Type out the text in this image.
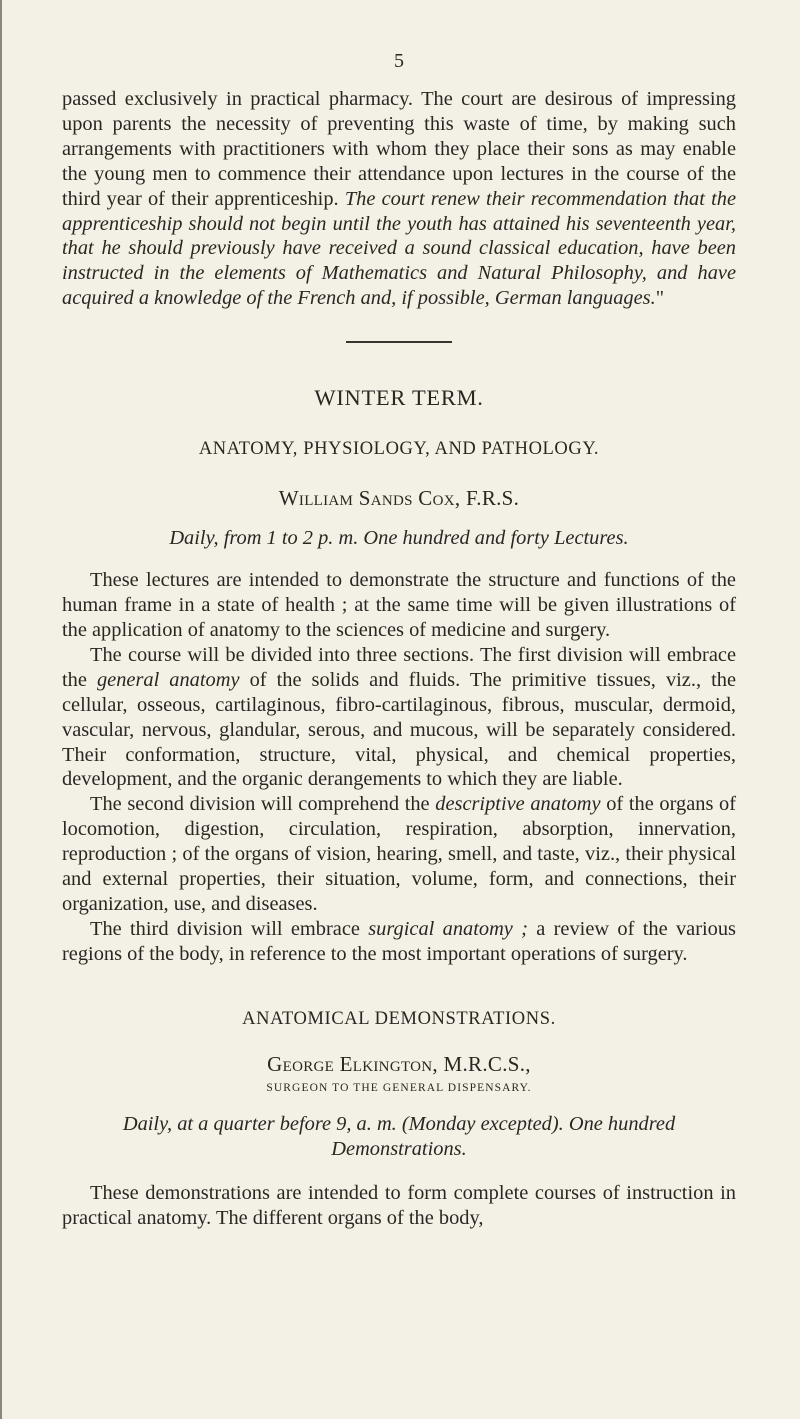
5

passed exclusively in practical pharmacy. The court are desirous of impressing upon parents the necessity of preventing this waste of time, by making such arrangements with practitioners with whom they place their sons as may enable the young men to commence their attendance upon lectures in the course of the third year of their apprenticeship. The court renew their recommendation that the apprenticeship should not begin until the youth has attained his seventeenth year, that he should previously have received a sound classical education, have been instructed in the elements of Mathematics and Natural Philosophy, and have acquired a knowledge of the French and, if possible, German languages."

WINTER TERM.
ANATOMY, PHYSIOLOGY, AND PATHOLOGY.
William Sands Cox, F.R.S.
Daily, from 1 to 2 p. m. One hundred and forty Lectures.

These lectures are intended to demonstrate the structure and functions of the human frame in a state of health ; at the same time will be given illustrations of the application of anatomy to the sciences of medicine and surgery.

The course will be divided into three sections. The first division will embrace the general anatomy of the solids and fluids. The primitive tissues, viz., the cellular, osseous, cartilaginous, fibro-cartilaginous, fibrous, muscular, dermoid, vascular, nervous, glandular, serous, and mucous, will be separately considered. Their conformation, structure, vital, physical, and chemical properties, development, and the organic derangements to which they are liable.

The second division will comprehend the descriptive anatomy of the organs of locomotion, digestion, circulation, respiration, absorption, innervation, reproduction ; of the organs of vision, hearing, smell, and taste, viz., their physical and external properties, their situation, volume, form, and connections, their organization, use, and diseases.

The third division will embrace surgical anatomy ; a review of the various regions of the body, in reference to the most important operations of surgery.

ANATOMICAL DEMONSTRATIONS.
George Elkington, M.R.C.S.,
SURGEON TO THE GENERAL DISPENSARY.
Daily, at a quarter before 9, a. m. (Monday excepted). One hundred Demonstrations.

These demonstrations are intended to form complete courses of instruction in practical anatomy. The different organs of the body,
